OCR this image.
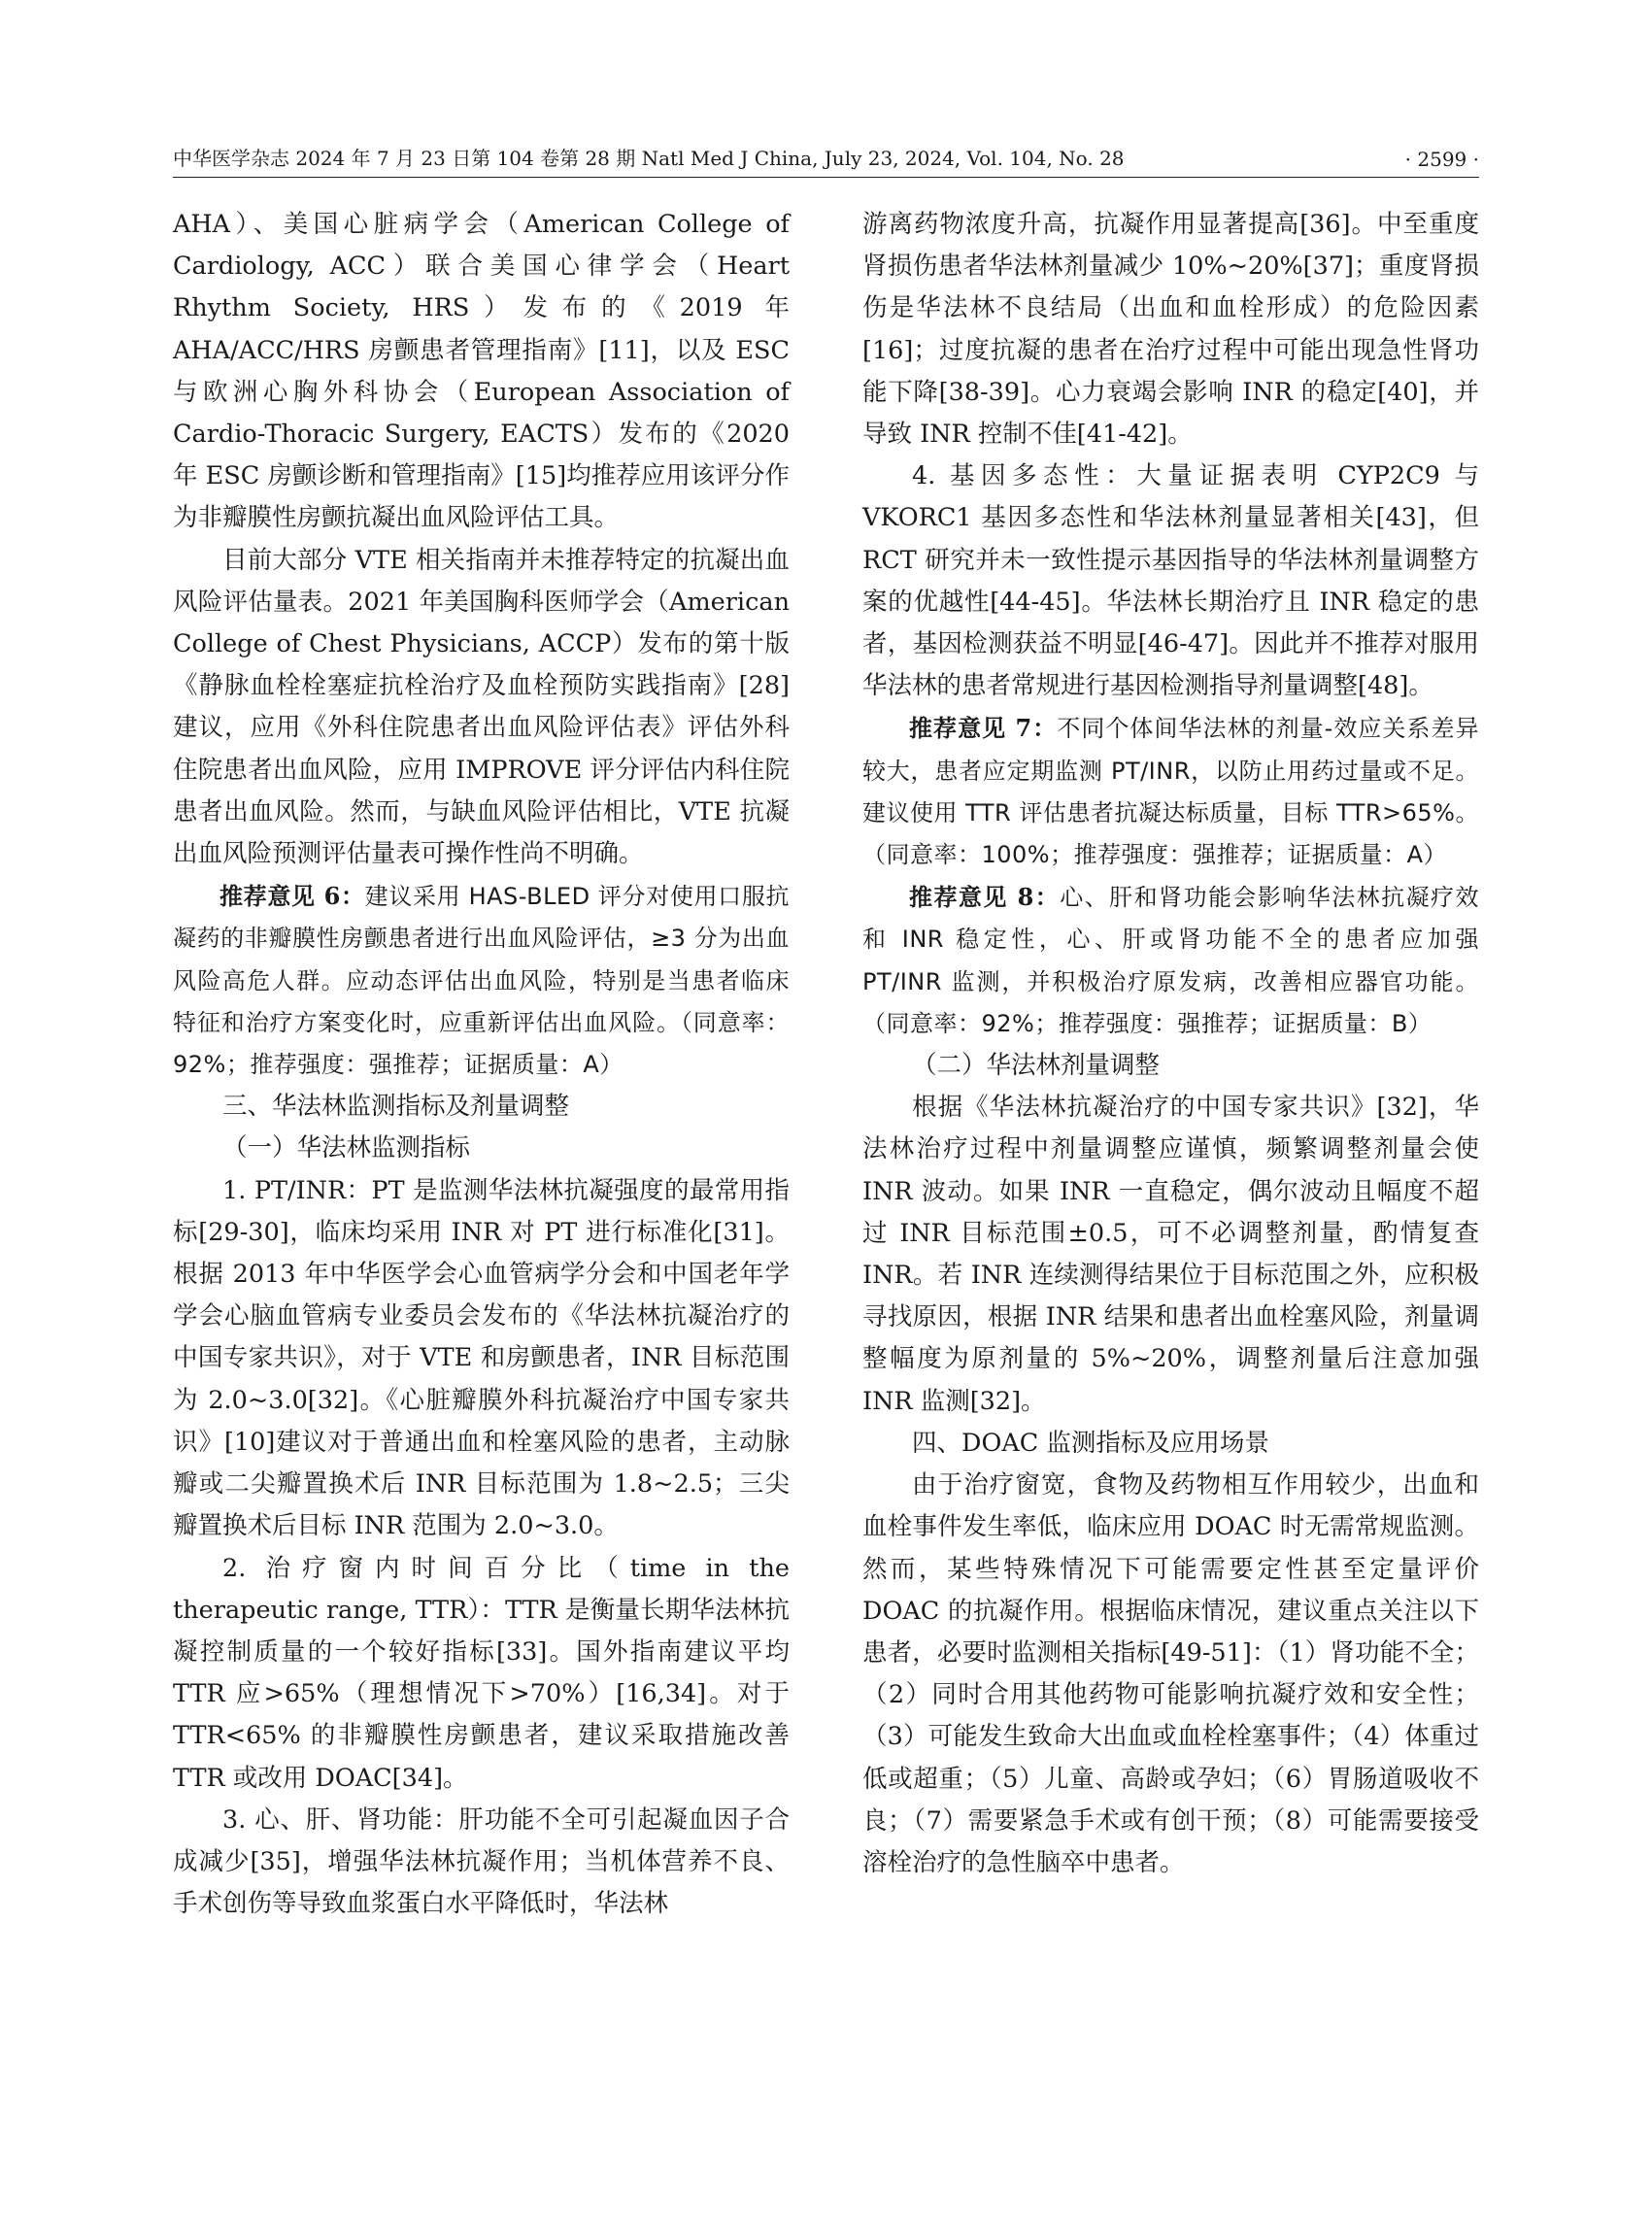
中华医学杂志 2024 年 7 月 23 日第 104 卷第 28 期 Natl Med J China, July 23, 2024, Vol. 104, No. 28	· 2599 ·

AHA）、美国心脏病学会（American College of Cardiology, ACC）联合美国心律学会（Heart Rhythm Society, HRS）发布的《2019 年 AHA/ACC/HRS 房颤患者管理指南》[11]，以及 ESC 与欧洲心胸外科协会（European Association of Cardio-Thoracic Surgery, EACTS）发布的《2020 年 ESC 房颤诊断和管理指南》[15]均推荐应用该评分作为非瓣膜性房颤抗凝出血风险评估工具。

目前大部分 VTE 相关指南并未推荐特定的抗凝出血风险评估量表。2021 年美国胸科医师学会（American College of Chest Physicians, ACCP）发布的第十版《静脉血栓栓塞症抗栓治疗及血栓预防实践指南》[28]建议，应用《外科住院患者出血风险评估表》评估外科住院患者出血风险，应用 IMPROVE 评分评估内科住院患者出血风险。然而，与缺血风险评估相比，VTE 抗凝出血风险预测评估量表可操作性尚不明确。

推荐意见 6：建议采用 HAS-BLED 评分对使用口服抗凝药的非瓣膜性房颤患者进行出血风险评估，≥3 分为出血风险高危人群。应动态评估出血风险，特别是当患者临床特征和治疗方案变化时，应重新评估出血风险。（同意率：92%；推荐强度：强推荐；证据质量：A）

三、华法林监测指标及剂量调整

（一）华法林监测指标

1. PT/INR：PT 是监测华法林抗凝强度的最常用指标[29-30]，临床均采用 INR 对 PT 进行标准化[31]。根据 2013 年中华医学会心血管病学分会和中国老年学学会心脑血管病专业委员会发布的《华法林抗凝治疗的中国专家共识》，对于 VTE 和房颤患者，INR 目标范围为 2.0~3.0[32]。《心脏瓣膜外科抗凝治疗中国专家共识》[10]建议对于普通出血和栓塞风险的患者，主动脉瓣或二尖瓣置换术后 INR 目标范围为 1.8~2.5；三尖瓣置换术后目标 INR 范围为 2.0~3.0。

2. 治疗窗内时间百分比（time in the therapeutic range, TTR）：TTR 是衡量长期华法林抗凝控制质量的一个较好指标[33]。国外指南建议平均 TTR 应>65%（理想情况下>70%）[16,34]。对于 TTR<65% 的非瓣膜性房颤患者，建议采取措施改善 TTR 或改用 DOAC[34]。

3. 心、肝、肾功能：肝功能不全可引起凝血因子合成减少[35]，增强华法林抗凝作用；当机体营养不良、手术创伤等导致血浆蛋白水平降低时，华法林

游离药物浓度升高，抗凝作用显著提高[36]。中至重度肾损伤患者华法林剂量减少 10%~20%[37]；重度肾损伤是华法林不良结局（出血和血栓形成）的危险因素[16]；过度抗凝的患者在治疗过程中可能出现急性肾功能下降[38-39]。心力衰竭会影响 INR 的稳定[40]，并导致 INR 控制不佳[41-42]。

4. 基因多态性：大量证据表明 CYP2C9 与 VKORC1 基因多态性和华法林剂量显著相关[43]，但 RCT 研究并未一致性提示基因指导的华法林剂量调整方案的优越性[44-45]。华法林长期治疗且 INR 稳定的患者，基因检测获益不明显[46-47]。因此并不推荐对服用华法林的患者常规进行基因检测指导剂量调整[48]。

推荐意见 7：不同个体间华法林的剂量-效应关系差异较大，患者应定期监测 PT/INR，以防止用药过量或不足。建议使用 TTR 评估患者抗凝达标质量，目标 TTR>65%。（同意率：100%；推荐强度：强推荐；证据质量：A）

推荐意见 8：心、肝和肾功能会影响华法林抗凝疗效和 INR 稳定性，心、肝或肾功能不全的患者应加强 PT/INR 监测，并积极治疗原发病，改善相应器官功能。（同意率：92%；推荐强度：强推荐；证据质量：B）

（二）华法林剂量调整

根据《华法林抗凝治疗的中国专家共识》[32]，华法林治疗过程中剂量调整应谨慎，频繁调整剂量会使 INR 波动。如果 INR 一直稳定，偶尔波动且幅度不超过 INR 目标范围±0.5，可不必调整剂量，酌情复查 INR。若 INR 连续测得结果位于目标范围之外，应积极寻找原因，根据 INR 结果和患者出血栓塞风险，剂量调整幅度为原剂量的 5%~20%，调整剂量后注意加强 INR 监测[32]。

四、DOAC 监测指标及应用场景

由于治疗窗宽，食物及药物相互作用较少，出血和血栓事件发生率低，临床应用 DOAC 时无需常规监测。然而，某些特殊情况下可能需要定性甚至定量评价 DOAC 的抗凝作用。根据临床情况，建议重点关注以下患者，必要时监测相关指标[49-51]：（1）肾功能不全；（2）同时合用其他药物可能影响抗凝疗效和安全性；（3）可能发生致命大出血或血栓栓塞事件；（4）体重过低或超重；（5）儿童、高龄或孕妇；（6）胃肠道吸收不良；（7）需要紧急手术或有创干预；（8）可能需要接受溶栓治疗的急性脑卒中患者。
